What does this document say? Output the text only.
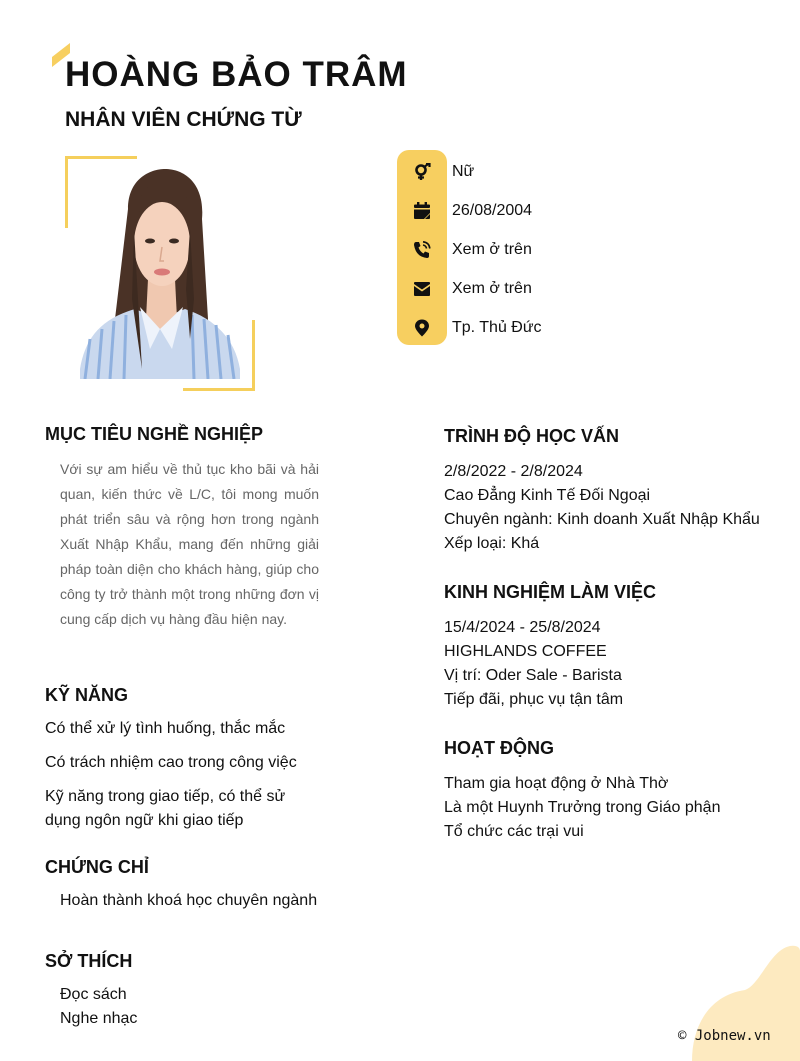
HOÀNG BẢO TRÂM
NHÂN VIÊN CHỨNG TỪ
Nữ
26/08/2004
Xem ở trên
Xem ở trên
Tp. Thủ Đức
MỤC TIÊU NGHỀ NGHIỆP
Với sự am hiểu về thủ tục kho bãi và hải quan, kiến thức về L/C, tôi mong muốn phát triển sâu và rộng hơn trong ngành Xuất Nhập Khẩu, mang đến những giải pháp toàn diện cho khách hàng, giúp cho công ty trở thành một trong những đơn vị cung cấp dịch vụ hàng đầu hiện nay.
KỸ NĂNG
Có thể xử lý tình huống, thắc mắc
Có trách nhiệm cao trong công việc
Kỹ năng trong giao tiếp, có thể sử dụng ngôn ngữ khi giao tiếp
CHỨNG CHỈ
Hoàn thành khoá học chuyên ngành
SỞ THÍCH
Đọc sách
Nghe nhạc
TRÌNH ĐỘ HỌC VẤN
2/8/2022 - 2/8/2024
Cao Đẳng Kinh Tế Đối Ngoại
Chuyên ngành: Kinh doanh Xuất Nhập Khẩu
Xếp loại: Khá
KINH NGHIỆM LÀM VIỆC
15/4/2024 - 25/8/2024
HIGHLANDS COFFEE
Vị trí: Oder Sale - Barista
Tiếp đãi, phục vụ tận tâm
HOẠT ĐỘNG
Tham gia hoạt động ở Nhà Thờ
Là một Huynh Trưởng trong Giáo phận
Tổ chức các trại vui
© Jobnew.vn
